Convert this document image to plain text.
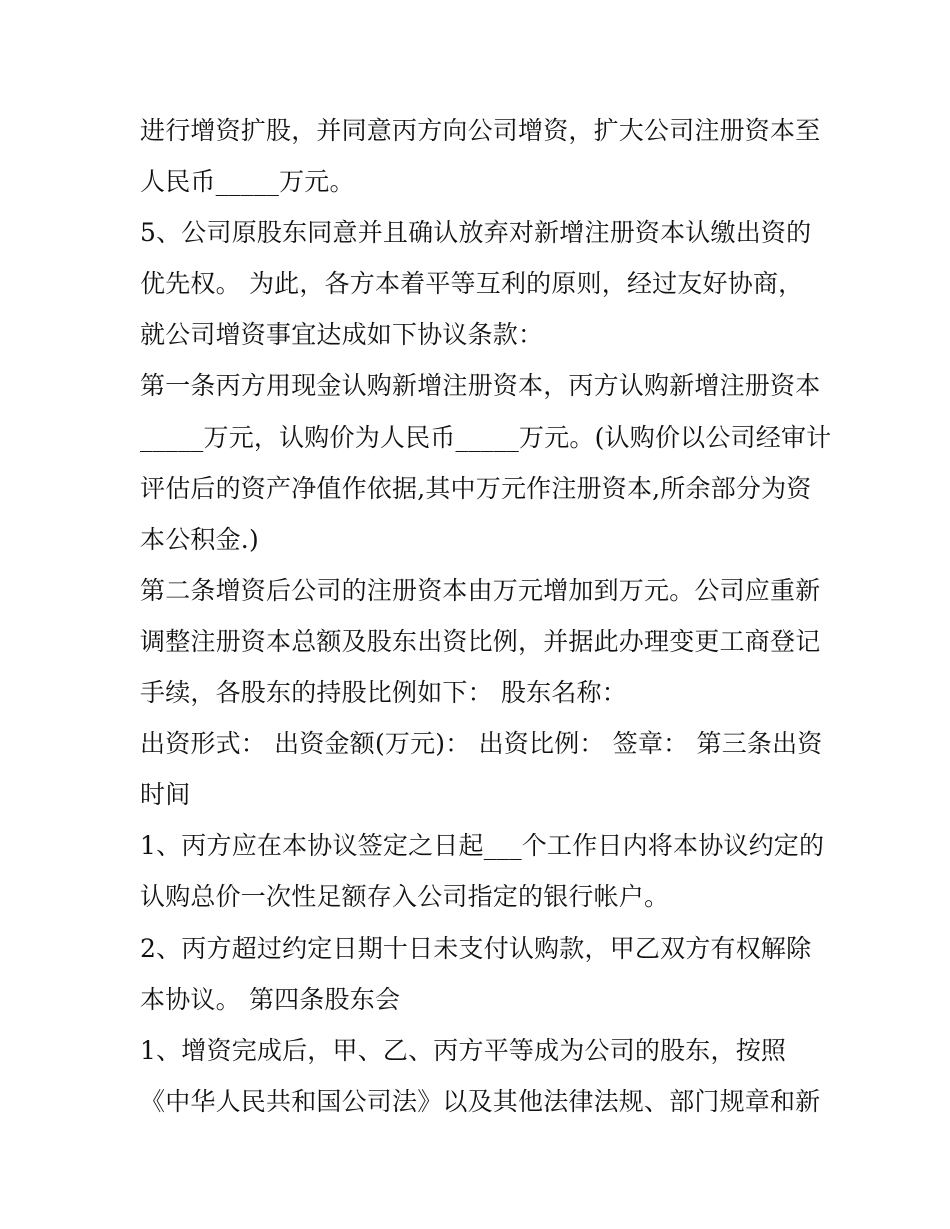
进行增资扩股，并同意丙方向公司增资，扩大公司注册资本至
人民币_____万元。
5、公司原股东同意并且确认放弃对新增注册资本认缴出资的
优先权。 为此，各方本着平等互利的原则，经过友好协商，
就公司增资事宜达成如下协议条款：
第一条丙方用现金认购新增注册资本，丙方认购新增注册资本
_____万元，认购价为人民币_____万元。(认购价以公司经审计
评估后的资产净值作依据,其中万元作注册资本,所余部分为资
本公积金.)
第二条增资后公司的注册资本由万元增加到万元。公司应重新
调整注册资本总额及股东出资比例，并据此办理变更工商登记
手续，各股东的持股比例如下： 股东名称：
出资形式： 出资金额(万元)： 出资比例： 签章： 第三条出资
时间
1、丙方应在本协议签定之日起___个工作日内将本协议约定的
认购总价一次性足额存入公司指定的银行帐户。
2、丙方超过约定日期十日未支付认购款，甲乙双方有权解除
本协议。 第四条股东会
1、增资完成后，甲、乙、丙方平等成为公司的股东，按照
《中华人民共和国公司法》以及其他法律法规、部门规章和新
